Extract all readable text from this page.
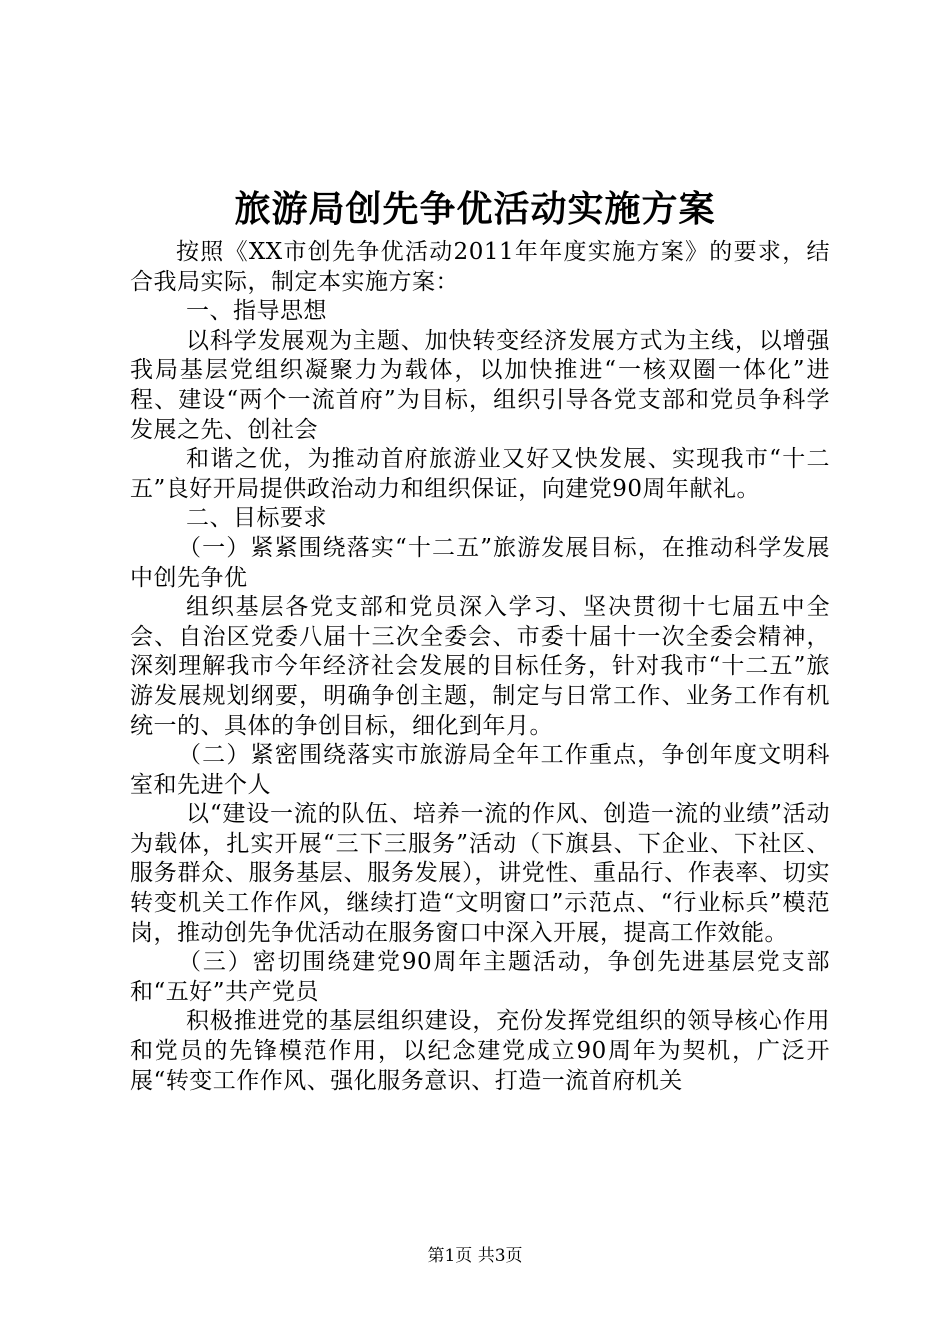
旅游局创先争优活动实施方案

按照《XX市创先争优活动2011年年度实施方案》的要求，结合我局实际，制定本实施方案：

一、指导思想

以科学发展观为主题、加快转变经济发展方式为主线，以增强我局基层党组织凝聚力为载体，以加快推进“一核双圈一体化”进程、建设“两个一流首府”为目标，组织引导各党支部和党员争科学发展之先、创社会

和谐之优，为推动首府旅游业又好又快发展、实现我市“十二五”良好开局提供政治动力和组织保证，向建党90周年献礼。

二、目标要求

（一）紧紧围绕落实“十二五”旅游发展目标，在推动科学发展中创先争优

组织基层各党支部和党员深入学习、坚决贯彻十七届五中全会、自治区党委八届十三次全委会、市委十届十一次全委会精神，深刻理解我市今年经济社会发展的目标任务，针对我市“十二五”旅游发展规划纲要，明确争创主题，制定与日常工作、业务工作有机统一的、具体的争创目标，细化到年月。

（二）紧密围绕落实市旅游局全年工作重点，争创年度文明科室和先进个人

以“建设一流的队伍、培养一流的作风、创造一流的业绩”活动为载体，扎实开展“三下三服务”活动（下旗县、下企业、下社区、服务群众、服务基层、服务发展），讲党性、重品行、作表率、切实转变机关工作作风，继续打造“文明窗口”示范点、“行业标兵”模范岗，推动创先争优活动在服务窗口中深入开展，提高工作效能。

（三）密切围绕建党90周年主题活动，争创先进基层党支部和“五好”共产党员

积极推进党的基层组织建设，充份发挥党组织的领导核心作用和党员的先锋模范作用，以纪念建党成立90周年为契机，广泛开展“转变工作作风、强化服务意识、打造一流首府机关

第1页 共3页
